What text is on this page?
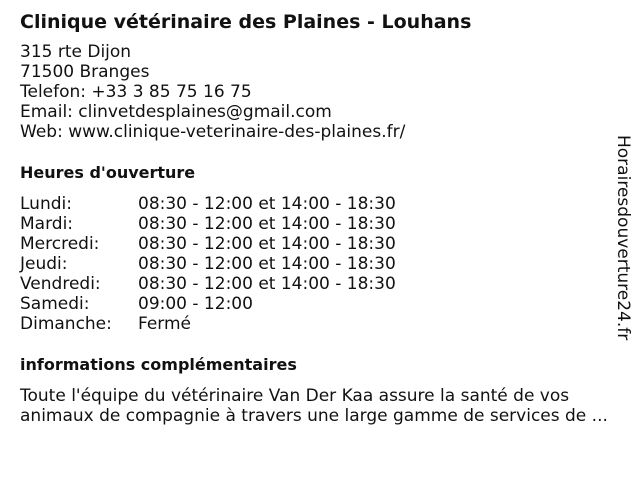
Clinique vétérinaire des Plaines - Louhans
315 rte Dijon
71500 Branges
Telefon: +33 3 85 75 16 75
Email: clinvetdesplaines@gmail.com
Web: www.clinique-veterinaire-des-plaines.fr/
Heures d'ouverture
Lundi:	08:30 - 12:00 et 14:00 - 18:30
Mardi:	08:30 - 12:00 et 14:00 - 18:30
Mercredi:	08:30 - 12:00 et 14:00 - 18:30
Jeudi:	08:30 - 12:00 et 14:00 - 18:30
Vendredi:	08:30 - 12:00 et 14:00 - 18:30
Samedi:	09:00 - 12:00
Dimanche:	Fermé
informations complémentaires
Toute l'équipe du vétérinaire Van Der Kaa assure la santé de vos
animaux de compagnie à travers une large gamme de services de ...
Horairesdouverture24.fr
